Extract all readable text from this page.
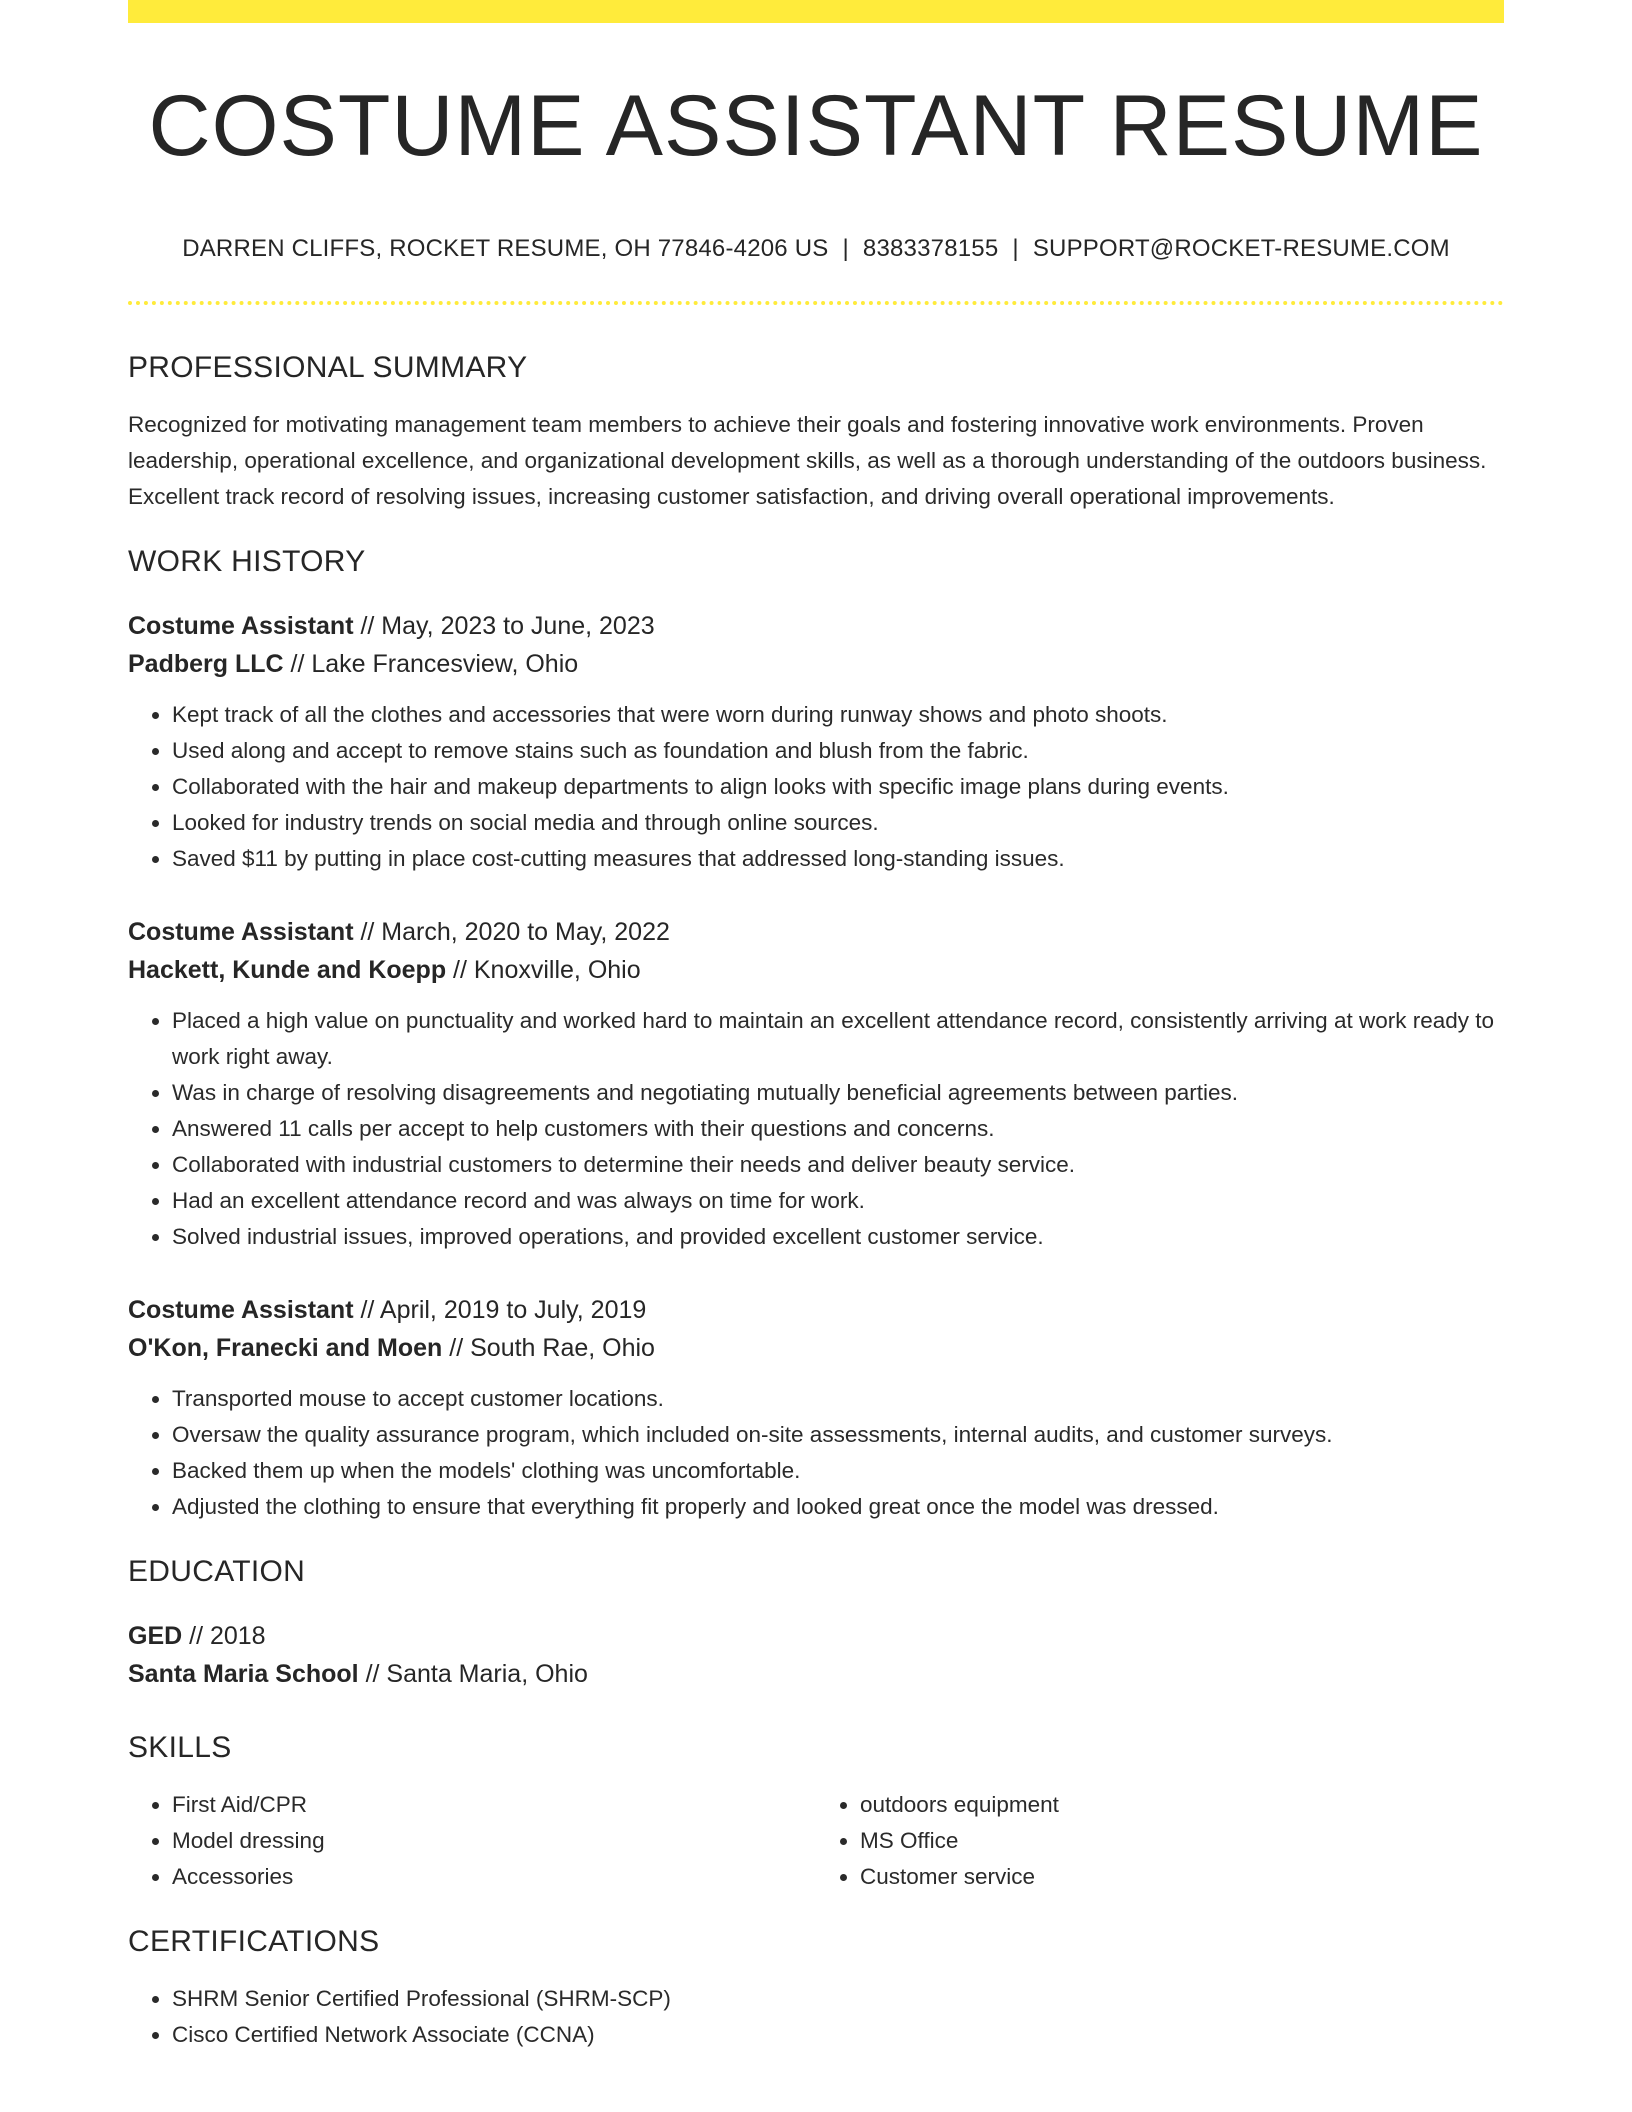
COSTUME ASSISTANT RESUME
DARREN CLIFFS, ROCKET RESUME, OH 77846-4206 US | 8383378155 | SUPPORT@ROCKET-RESUME.COM
PROFESSIONAL SUMMARY

Recognized for motivating management team members to achieve their goals and fostering innovative work environments. Proven leadership, operational excellence, and organizational development skills, as well as a thorough understanding of the outdoors business. Excellent track record of resolving issues, increasing customer satisfaction, and driving overall operational improvements.

WORK HISTORY
Costume Assistant // May, 2023 to June, 2023
Padberg LLC // Lake Francesview, Ohio
• Kept track of all the clothes and accessories that were worn during runway shows and photo shoots.
• Used along and accept to remove stains such as foundation and blush from the fabric.
• Collaborated with the hair and makeup departments to align looks with specific image plans during events.
• Looked for industry trends on social media and through online sources.
• Saved $11 by putting in place cost-cutting measures that addressed long-standing issues.
Costume Assistant // March, 2020 to May, 2022
Hackett, Kunde and Koepp // Knoxville, Ohio
• Placed a high value on punctuality and worked hard to maintain an excellent attendance record, consistently arriving at work ready to work right away.
• Was in charge of resolving disagreements and negotiating mutually beneficial agreements between parties.
• Answered 11 calls per accept to help customers with their questions and concerns.
• Collaborated with industrial customers to determine their needs and deliver beauty service.
• Had an excellent attendance record and was always on time for work.
• Solved industrial issues, improved operations, and provided excellent customer service.
Costume Assistant // April, 2019 to July, 2019
O'Kon, Franecki and Moen // South Rae, Ohio
• Transported mouse to accept customer locations.
• Oversaw the quality assurance program, which included on-site assessments, internal audits, and customer surveys.
• Backed them up when the models' clothing was uncomfortable.
• Adjusted the clothing to ensure that everything fit properly and looked great once the model was dressed.
EDUCATION
GED // 2018
Santa Maria School // Santa Maria, Ohio
SKILLS
• First Aid/CPR
• Model dressing
• Accessories
• outdoors equipment
• MS Office
• Customer service
CERTIFICATIONS
• SHRM Senior Certified Professional (SHRM-SCP)
• Cisco Certified Network Associate (CCNA)
